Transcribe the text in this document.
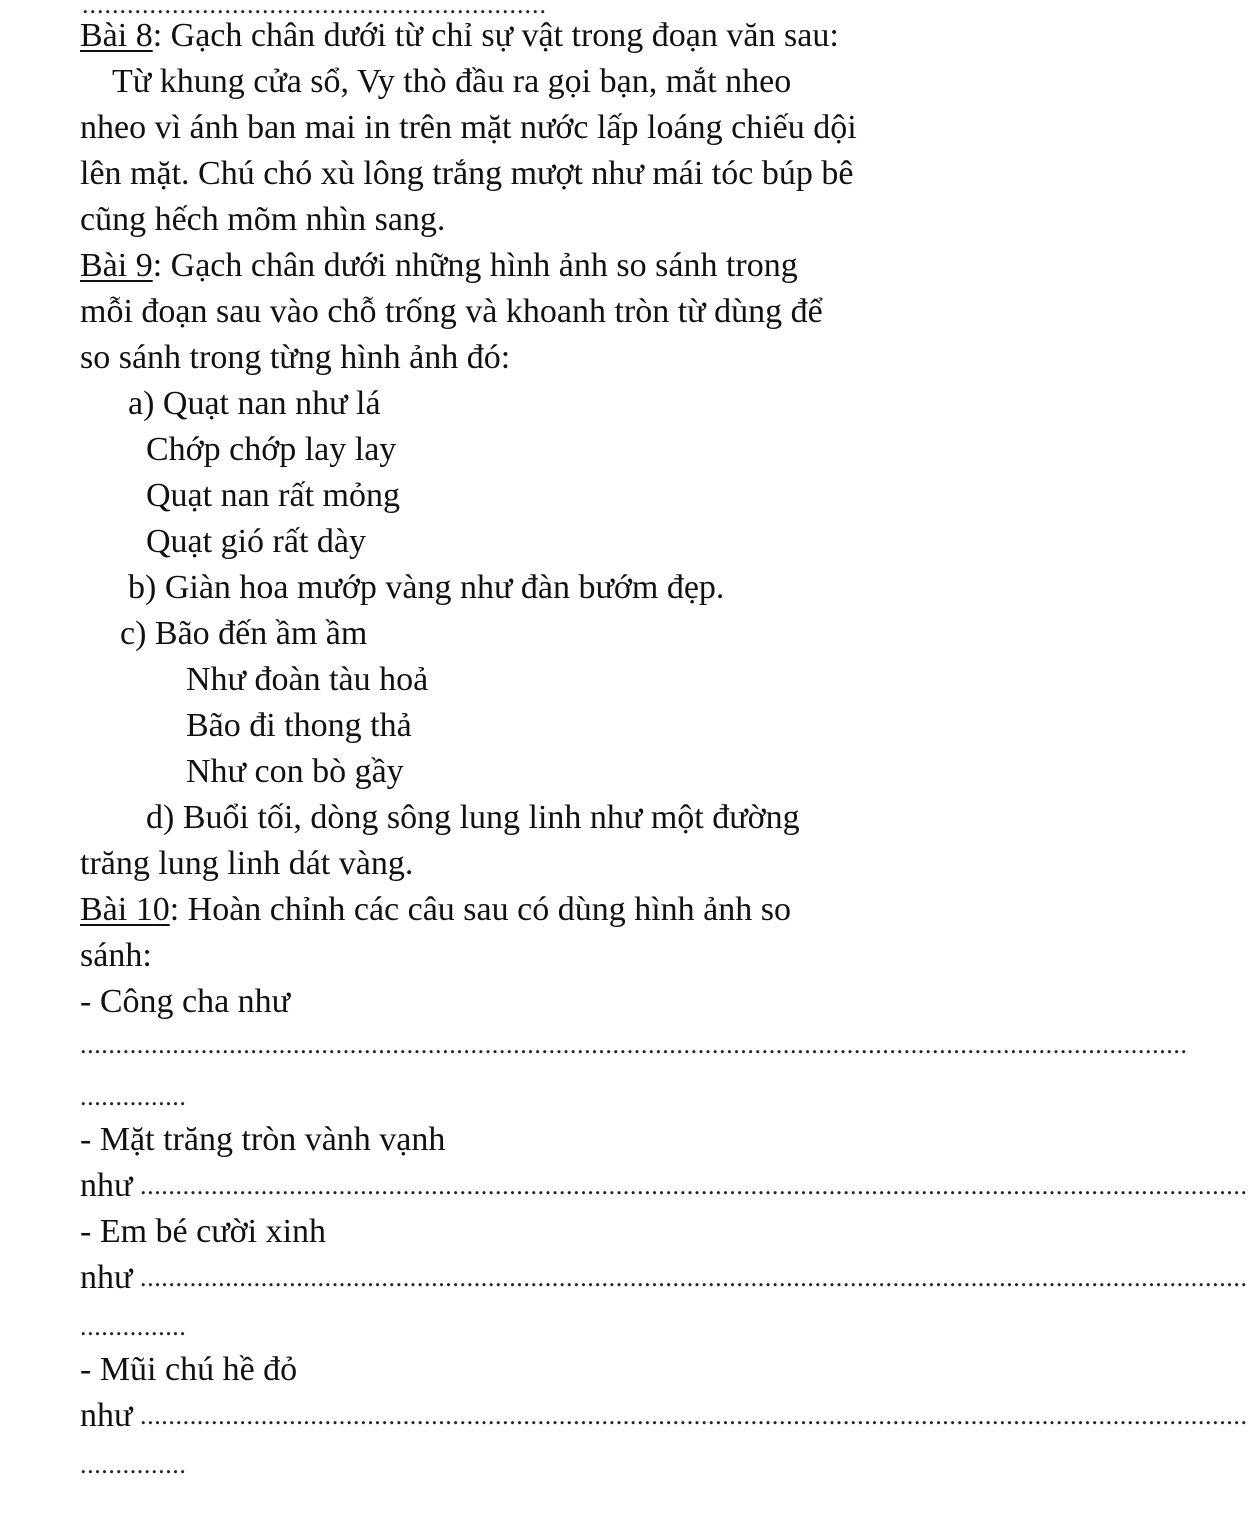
..............................................................
Bài 8: Gạch chân dưới từ chỉ sự vật trong đoạn văn sau:
Từ khung cửa sổ, Vy thò đầu ra gọi bạn, mắt nheo
nheo vì ánh ban mai in trên mặt nước lấp loáng chiếu dội
lên mặt. Chú chó xù lông trắng mượt như mái tóc búp bê
cũng hếch mõm nhìn sang.
Bài 9: Gạch chân dưới những hình ảnh so sánh trong
mỗi đoạn sau vào chỗ trống và khoanh tròn từ dùng để
so sánh trong từng hình ảnh đó:
a) Quạt nan như lá
Chớp chớp lay lay
Quạt nan rất mỏng
Quạt gió rất dày
b) Giàn hoa mướp vàng như đàn bướm đẹp.
c) Bão đến ầm ầm
Như đoàn tàu hoả
Bão đi thong thả
Như con bò gầy
d) Buổi tối, dòng sông lung linh như một đường
trăng lung linh dát vàng.
Bài 10: Hoàn chỉnh các câu sau có dùng hình ảnh so
sánh:
- Công cha như
............................................................................................................................................................
...............
- Mặt trăng tròn vành vạnh
như ............................................................................................................................................................
- Em bé cười xinh
như ............................................................................................................................................................
...............
- Mũi chú hề đỏ
như ............................................................................................................................................................
...............
